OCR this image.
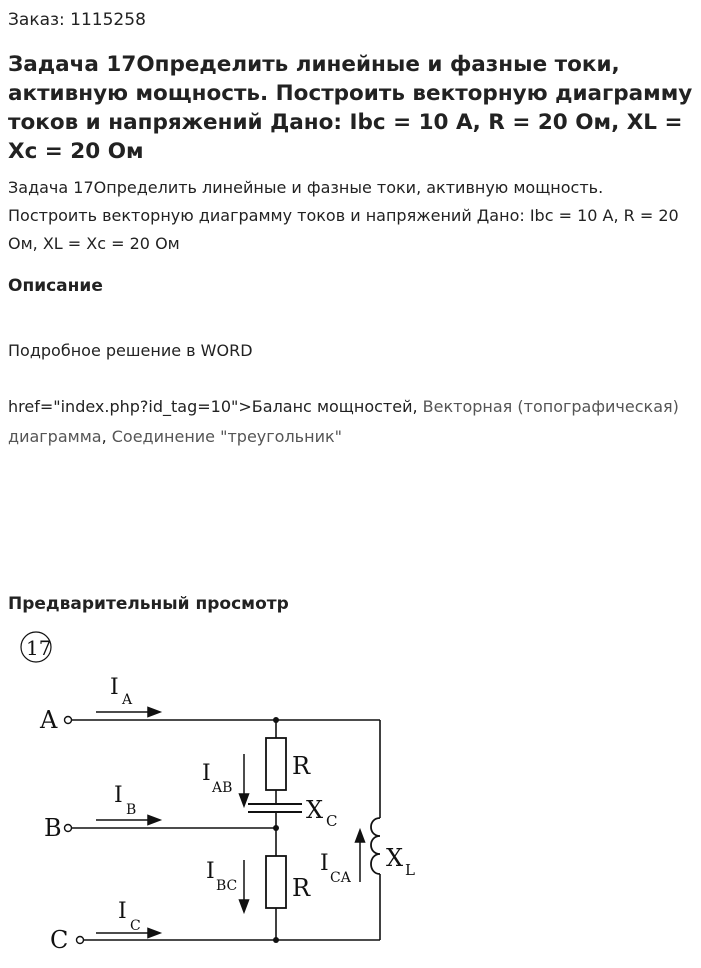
Заказ: 1115258
Задача 17Определить линейные и фазные токи, активную мощность. Построить векторную диаграмму токов и напряжений Дано: Ibc = 10 А, R = 20 Ом, XL = Xc = 20 Ом

Задача 17Определить линейные и фазные токи, активную мощность. Построить векторную диаграмму токов и напряжений Дано: Ibc = 10 А, R = 20 Ом, XL = Xc = 20 Ом

Описание

Подробное решение в WORD

href="index.php?id_tag=10">Баланс мощностей, Векторная (топографическая) диаграмма, Соединение "треугольник"

Предварительный просмотр
17
A
B
C
I A
I
B
I
C
I
AB
I
BC
I
CA
R
R
X C
X L
